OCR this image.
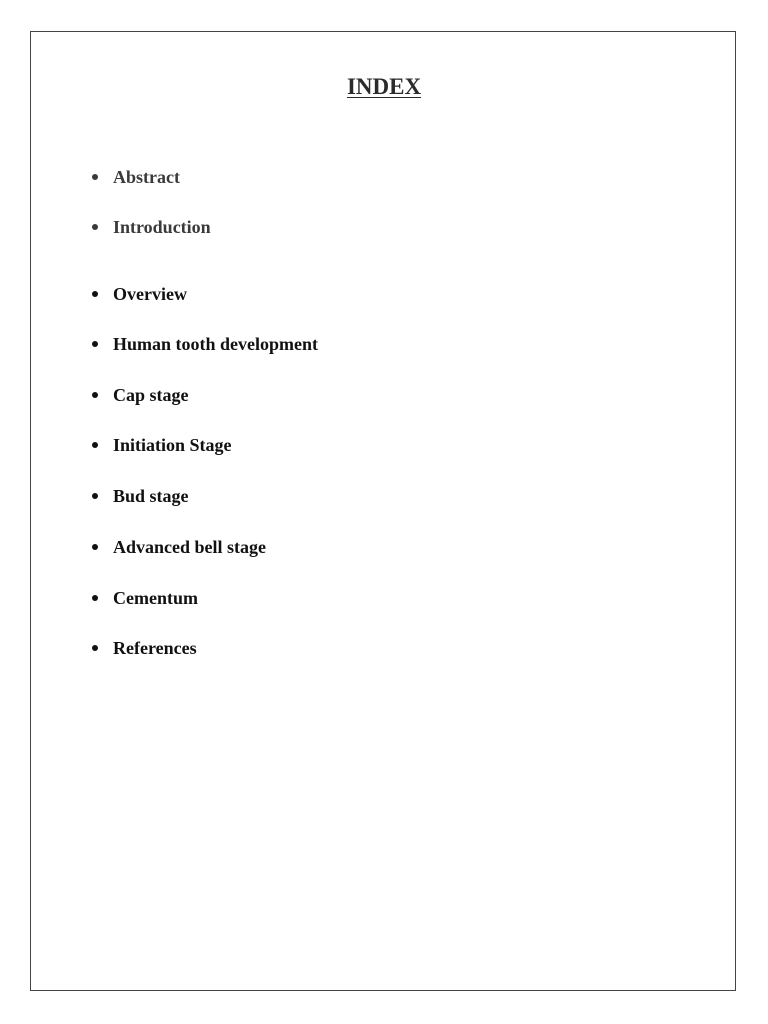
INDEX
Abstract
Introduction
Overview
Human tooth development
Cap stage
Initiation Stage
Bud stage
Advanced bell stage
Cementum
References
